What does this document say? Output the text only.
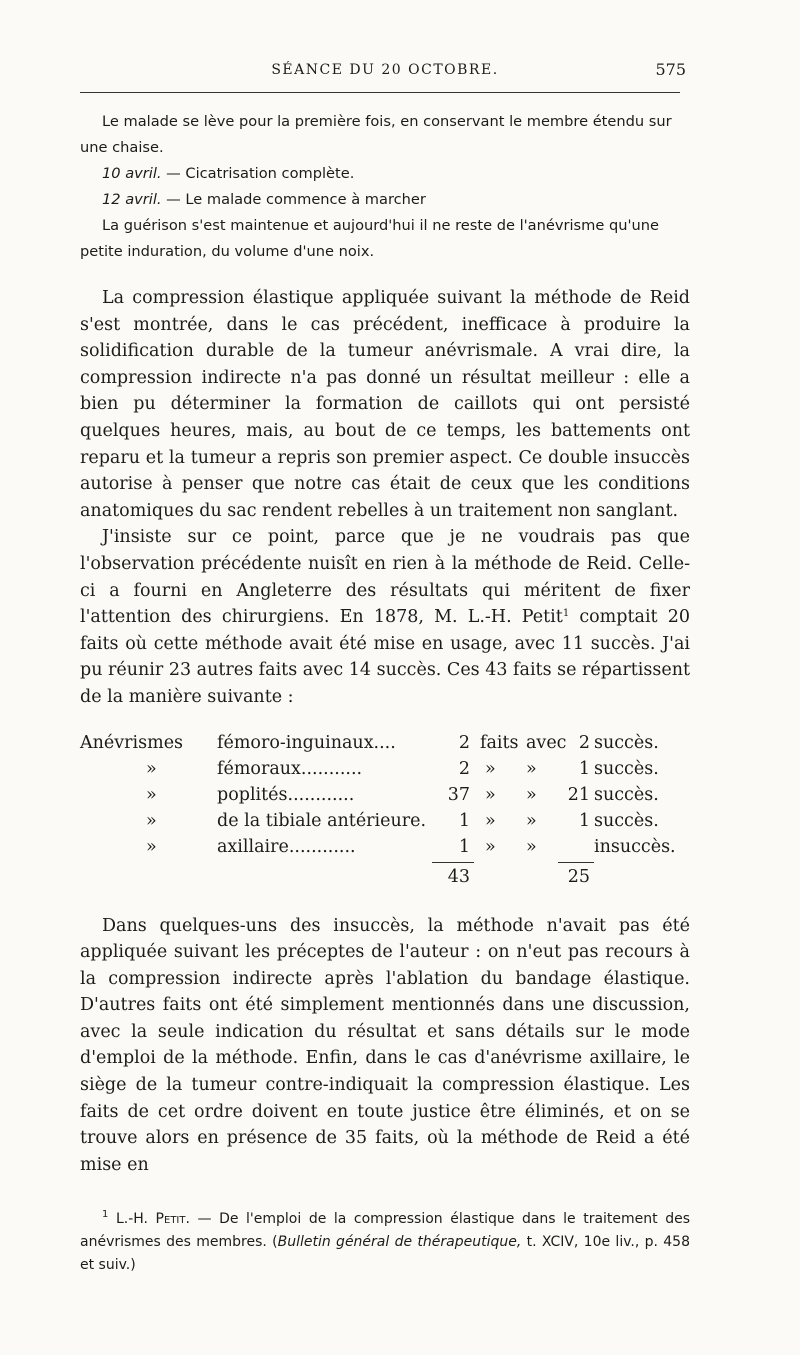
SÉANCE DU 20 OCTOBRE.	575

Le malade se lève pour la première fois, en conservant le membre étendu sur une chaise.

10 avril. — Cicatrisation complète.

12 avril. — Le malade commence à marcher

La guérison s'est maintenue et aujourd'hui il ne reste de l'anévrisme qu'une petite induration, du volume d'une noix.

La compression élastique appliquée suivant la méthode de Reid s'est montrée, dans le cas précédent, inefficace à produire la solidification durable de la tumeur anévrismale. A vrai dire, la compression indirecte n'a pas donné un résultat meilleur : elle a bien pu déterminer la formation de caillots qui ont persisté quelques heures, mais, au bout de ce temps, les battements ont reparu et la tumeur a repris son premier aspect. Ce double insuccès autorise à penser que notre cas était de ceux que les conditions anatomiques du sac rendent rebelles à un traitement non sanglant.

J'insiste sur ce point, parce que je ne voudrais pas que l'observation précédente nuisît en rien à la méthode de Reid. Celle-ci a fourni en Angleterre des résultats qui méritent de fixer l'attention des chirurgiens. En 1878, M. L.-H. Petit$^1$ comptait 20 faits où cette méthode avait été mise en usage, avec 11 succès. J'ai pu réunir 23 autres faits avec 14 succès. Ces 43 faits se répartissent de la manière suivante :

Anévrismes fémoro-inguinaux....	2 faits avec 2 succès.
»	fémoraux...........	2 » »	1 succès.
»	poplités............	37 » »	21 succès.
»	de la tibiale antérieure.	1 » »	1 succès.
»	axillaire............	1 » »	insuccès.
43	25

Dans quelques-uns des insuccès, la méthode n'avait pas été appliquée suivant les préceptes de l'auteur : on n'eut pas recours à la compression indirecte après l'ablation du bandage élastique. D'autres faits ont été simplement mentionnés dans une discussion, avec la seule indication du résultat et sans détails sur le mode d'emploi de la méthode. Enfin, dans le cas d'anévrisme axillaire, le siège de la tumeur contre-indiquait la compression élastique. Les faits de cet ordre doivent en toute justice être éliminés, et on se trouve alors en présence de 35 faits, où la méthode de Reid a été mise en

$^1$ L.-H. Petit. — De l'emploi de la compression élastique dans le traitement des anévrismes des membres. (Bulletin général de thérapeutique, t. XCIV, 10e liv., p. 458 et suiv.)
